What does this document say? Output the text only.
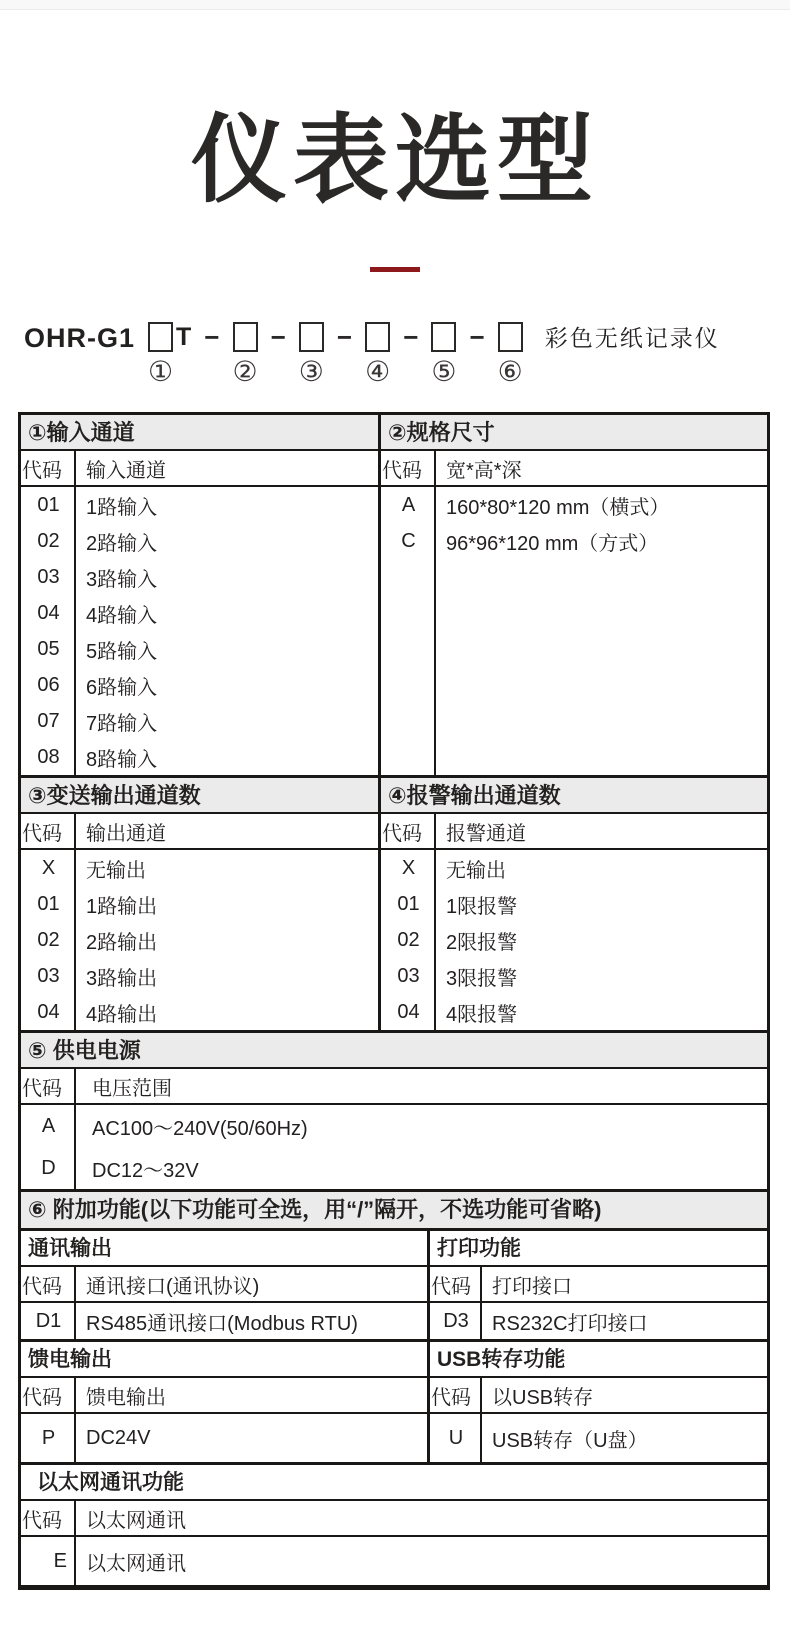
仪表选型
OHR-G1 T
①
−
②
−
③
−
④
−
⑤
−
⑥
彩色无纸记录仪
①输入通道
代码	输入通道
01	1路输入
02	2路输入
03	3路输入
04	4路输入
05	5路输入
06	6路输入
07	7路输入
08	8路输入
②规格尺寸
代码	宽*高*深
A	160*80*120 mm（横式）
C	96*96*120 mm（方式）
③变送输出通道数
代码	输出通道
X	无输出
01	1路输出
02	2路输出
03	3路输出
04	4路输出
④报警输出通道数
代码	报警通道
X	无输出
01	1限报警
02	2限报警
03	3限报警
04	4限报警
⑤ 供电电源
代码	电压范围
A	AC100～240V(50/60Hz)
D	DC12～32V
⑥ 附加功能(以下功能可全选，用“/”隔开，不选功能可省略)
通讯输出
代码	通讯接口(通讯协议)
D1	RS485通讯接口(Modbus RTU)
打印功能
代码	打印接口
D3	RS232C打印接口
馈电输出
代码	馈电输出
P	DC24V
USB转存功能
代码	以USB转存
U	USB转存（U盘）
以太网通讯功能
代码	以太网通讯
E 以太网通讯
